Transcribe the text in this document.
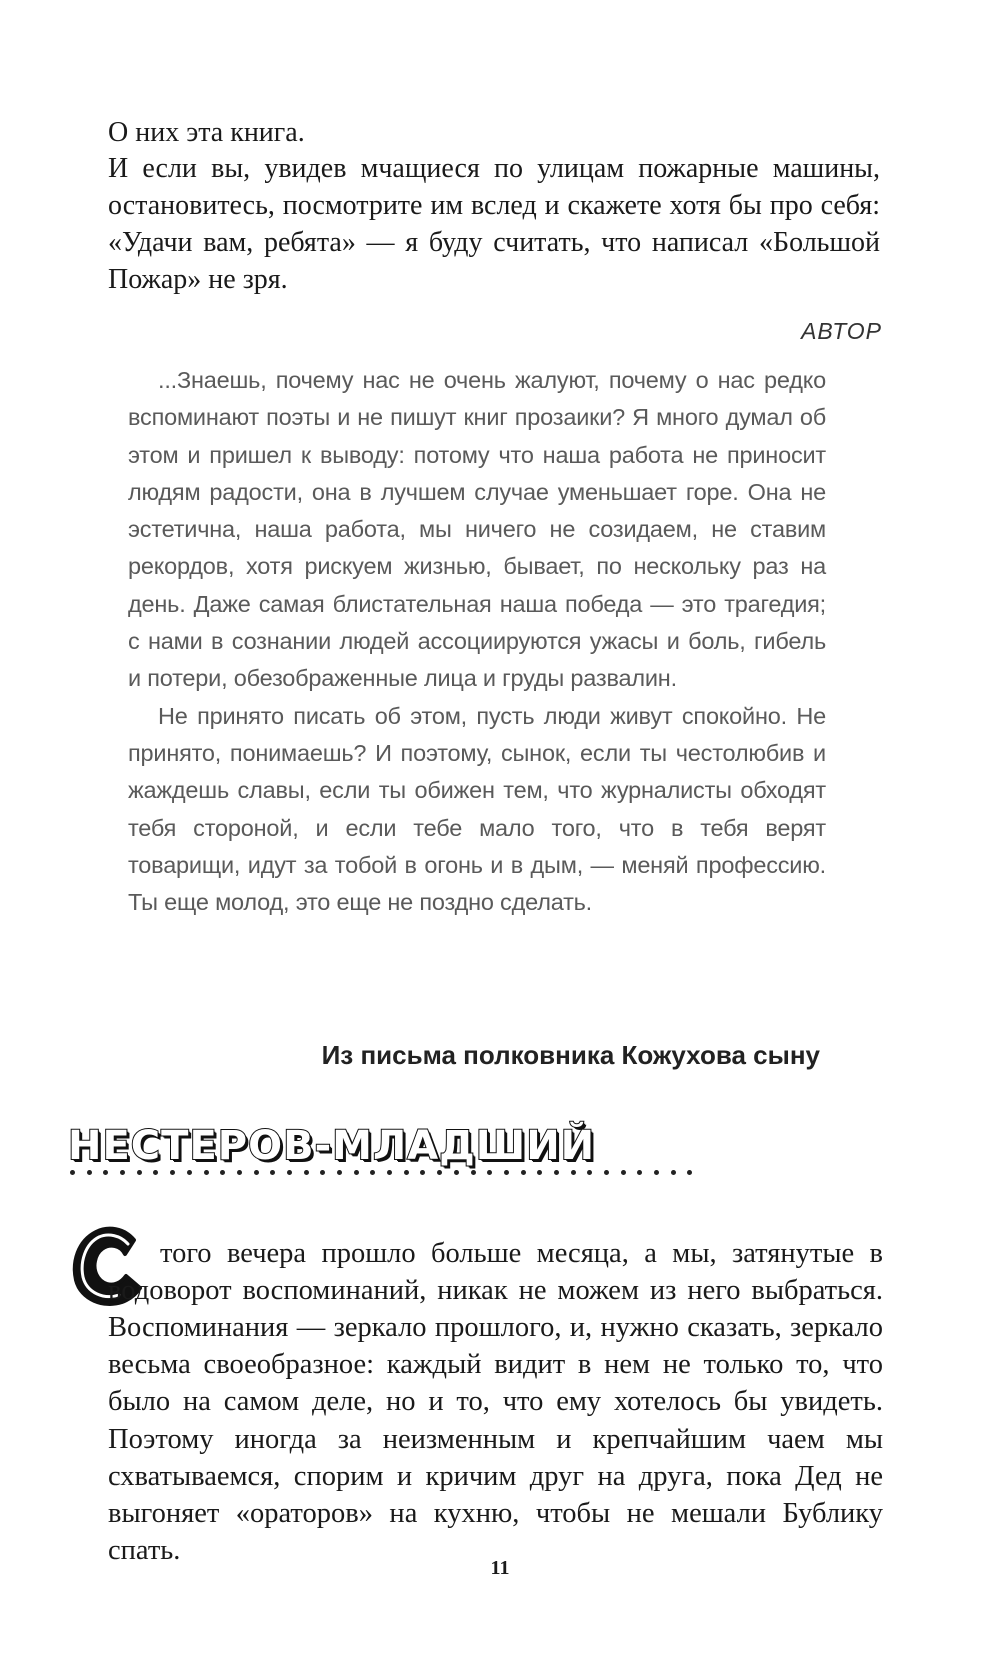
О них эта книга.

И если вы, увидев мчащиеся по улицам пожарные машины, остановитесь, посмотрите им вслед и скажете хотя бы про себя: «Удачи вам, ребята» — я буду считать, что написал «Большой Пожар» не зря.

АВТОР

...Знаешь, почему нас не очень жалуют, почему о нас редко вспоминают поэты и не пишут книг прозаики? Я много думал об этом и пришел к выводу: потому что наша работа не приносит людям радости, она в лучшем случае уменьшает горе. Она не эстетична, наша работа, мы ничего не созидаем, не ставим рекордов, хотя рискуем жизнью, бывает, по нескольку раз на день. Даже самая блистательная наша победа — это трагедия; с нами в сознании людей ассоциируются ужасы и боль, гибель и потери, обезображенные лица и груды развалин.

Не принято писать об этом, пусть люди живут спокойно. Не принято, понимаешь? И поэтому, сынок, если ты честолюбив и жаждешь славы, если ты обижен тем, что журналисты обходят тебя стороной, и если тебе мало того, что в тебя верят товарищи, идут за тобой в огонь и в дым, — меняй профессию. Ты еще молод, это еще не поздно сделать.

Из письма полковника Кожухова сыну
НЕСТЕРОВ-МЛАДШИЙ

того вечера прошло больше месяца, а мы, затянутые в водоворот воспоминаний, никак не можем из него выбраться. Воспоминания — зеркало прошлого, и, нужно сказать, зеркало весьма своеобразное: каждый видит в нем не только то, что было на самом деле, но и то, что ему хотелось бы увидеть. Поэтому иногда за неизменным и крепчайшим чаем мы схватываемся, спорим и кричим друг на друга, пока Дед не выгоняет «ораторов» на кухню, чтобы не мешали Бублику спать.

11
